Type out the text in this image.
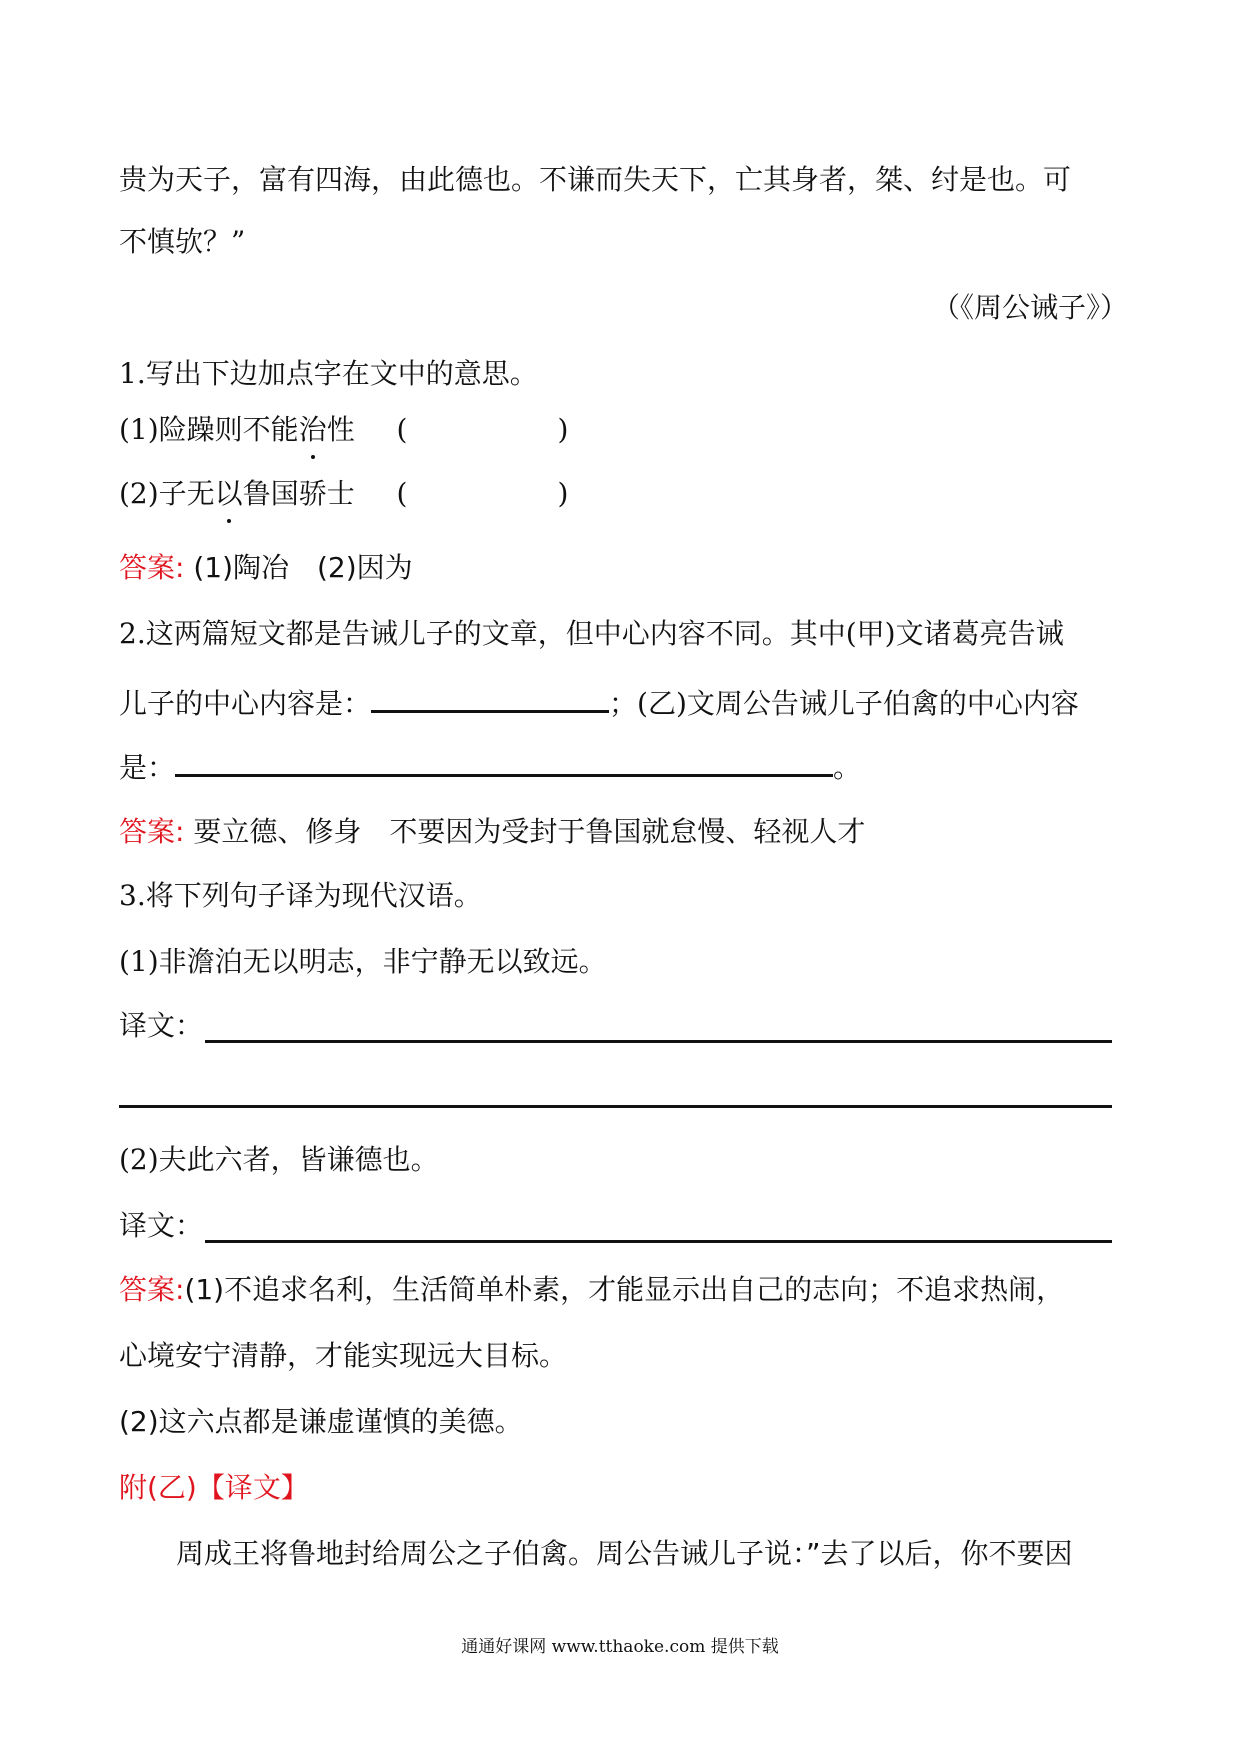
贵为天子，富有四海，由此德也。不谦而失天下，亡其身者，桀、纣是也。可
不慎欤？”
（《周公诫子》）
1.写出下边加点字在文中的意思。
(1)险躁则不能治性 (	)
(2)子无以鲁国骄士 (	)
答案: (1)陶冶　(2)因为
2.这两篇短文都是告诫儿子的文章，但中心内容不同。其中(甲)文诸葛亮告诫
儿子的中心内容是：	；(乙)文周公告诫儿子伯禽的中心内容
是：	。
答案: 要立德、修身　不要因为受封于鲁国就怠慢、轻视人才
3.将下列句子译为现代汉语。
(1)非澹泊无以明志，非宁静无以致远。
译文：
(2)夫此六者，皆谦德也。
译文：
答案:(1)不追求名利，生活简单朴素，才能显示出自己的志向；不追求热闹，
心境安宁清静，才能实现远大目标。
(2)这六点都是谦虚谨慎的美德。
附(乙)【译文】
周成王将鲁地封给周公之子伯禽。周公告诫儿子说：”去了以后，你不要因
通通好课网 www.tthaoke.com 提供下载
